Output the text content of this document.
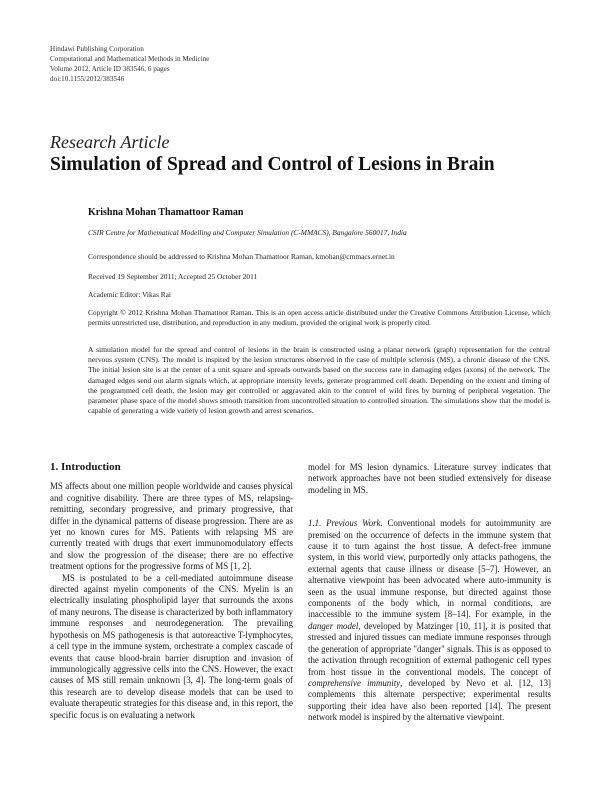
Hindawi Publishing Corporation
Computational and Mathematical Methods in Medicine
Volume 2012, Article ID 383546, 6 pages
doi:10.1155/2012/383546
Research Article
Simulation of Spread and Control of Lesions in Brain
Krishna Mohan Thamattoor Raman
CSIR Centre for Mathematical Modelling and Computer Simulation (C-MMACS), Bangalore 560017, India
Correspondence should be addressed to Krishna Mohan Thamattoor Raman, kmohan@cmmacs.ernet.in
Received 19 September 2011; Accepted 25 October 2011
Academic Editor: Vikas Rai
Copyright © 2012 Krishna Mohan Thamattoor Raman. This is an open access article distributed under the Creative Commons Attribution License, which permits unrestricted use, distribution, and reproduction in any medium, provided the original work is properly cited.
A simulation model for the spread and control of lesions in the brain is constructed using a planar network (graph) representation for the central nervous system (CNS). The model is inspired by the lesion structures observed in the case of multiple sclerosis (MS), a chronic disease of the CNS. The initial lesion site is at the center of a unit square and spreads outwards based on the success rate in damaging edges (axons) of the network. The damaged edges send out alarm signals which, at appropriate intensity levels, generate programmed cell death. Depending on the extent and timing of the programmed cell death, the lesion may get controlled or aggravated akin to the control of wild fires by burning of peripheral vegetation. The parameter phase space of the model shows smooth transition from uncontrolled situation to controlled situation. The simulations show that the model is capable of generating a wide variety of lesion growth and arrest scenarios.

1. Introduction

MS affects about one million people worldwide and causes physical and cognitive disability. There are three types of MS, relapsing-remitting, secondary progressive, and primary progressive, that differ in the dynamical patterns of disease progression. There are as yet no known cures for MS. Patients with relapsing MS are currently treated with drugs that exert immunomodulatory effects and slow the progression of the disease; there are no effective treatment options for the progressive forms of MS [1, 2].

MS is postulated to be a cell-mediated autoimmune disease directed against myelin components of the CNS. Myelin is an electrically insulating phospholipid layer that surrounds the axons of many neurons. The disease is characterized by both inflammatory immune responses and neurodegeneration. The prevailing hypothesis on MS pathogenesis is that autoreactive T-lymphocytes, a cell type in the immune system, orchestrate a complex cascade of events that cause blood-brain barrier disruption and invasion of immunologically aggressive cells into the CNS. However, the exact causes of MS still remain unknown [3, 4]. The long-term goals of this research are to develop disease models that can be used to evaluate therapeutic strategies for this disease and, in this report, the specific focus is on evaluating a network

model for MS lesion dynamics. Literature survey indicates that network approaches have not been studied extensively for disease modeling in MS.

1.1. Previous Work. Conventional models for autoimmunity are premised on the occurrence of defects in the immune system that cause it to turn against the host tissue. A defect-free immune system, in this world view, purportedly only attacks pathogens, the external agents that cause illness or disease [5–7]. However, an alternative viewpoint has been advocated where auto-immunity is seen as the usual immune response, but directed against those components of the body which, in normal conditions, are inaccessible to the immune system [8–14]. For example, in the danger model, developed by Matzinger [10, 11], it is posited that stressed and injured tissues can mediate immune responses through the generation of appropriate "danger" signals. This is as opposed to the activation through recognition of external pathogenic cell types from host tissue in the conventional models. The concept of comprehensive immunity, developed by Nevo et al. [12, 13] complements this alternate perspective; experimental results supporting their idea have also been reported [14]. The present network model is inspired by the alternative viewpoint.
